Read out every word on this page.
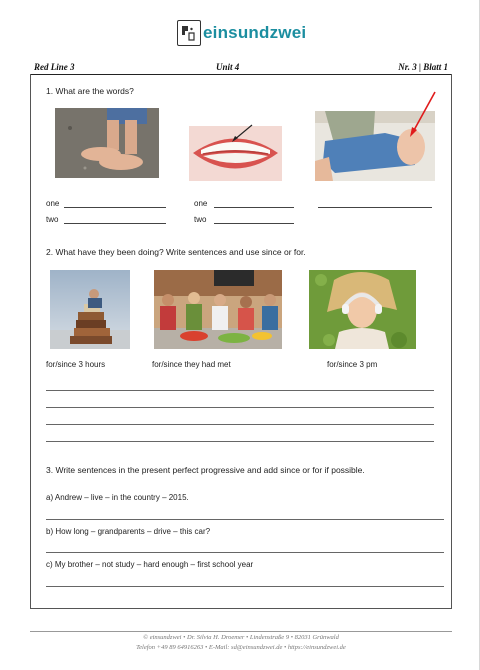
einsundzwei
Red Line 3	Unit 4	Nr. 3 | Blatt 1
1. What are the words?
one
two
one
two
2. What have they been doing? Write sentences and use since or for.
for/since 3 hours	for/since they had met	for/since 3 pm
3. Write sentences in the present perfect progressive and add since or for if possible.
a) Andrew – live – in the country – 2015.
b) How long – grandparents – drive – this car?
c) My brother – not study – hard enough – first school year
© einsundzwei • Dr. Silvia H. Droemer • Lindenstraße 9 • 82031 Grünwald
Telefon +49 89 64916263 • E-Mail: sd@einsundzwei.de • https://einsundzwei.de
